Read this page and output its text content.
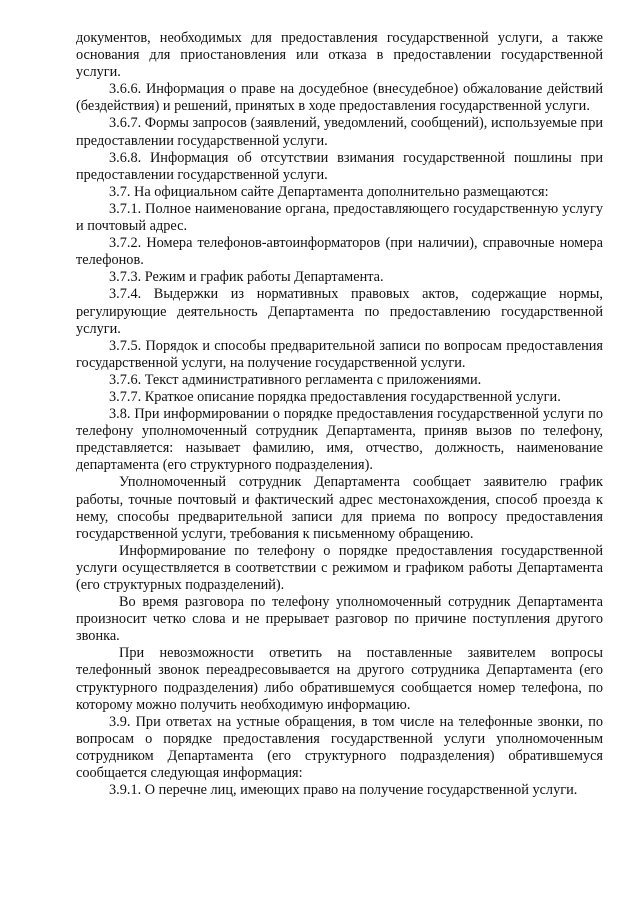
документов, необходимых для предоставления государственной услуги, а также основания для приостановления или отказа в предоставлении государственной услуги.

3.6.6. Информация о праве на досудебное (внесудебное) обжалование действий (бездействия) и решений, принятых в ходе предоставления государственной услуги.

3.6.7. Формы запросов (заявлений, уведомлений, сообщений), используемые при предоставлении государственной услуги.

3.6.8. Информация об отсутствии взимания государственной пошлины при предоставлении государственной услуги.

3.7. На официальном сайте Департамента дополнительно размещаются:

3.7.1. Полное наименование органа, предоставляющего государственную услугу и почтовый адрес.

3.7.2. Номера телефонов-автоинформаторов (при наличии), справочные номера телефонов.

3.7.3. Режим и график работы Департамента.

3.7.4. Выдержки из нормативных правовых актов, содержащие нормы, регулирующие деятельность Департамента по предоставлению государственной услуги.

3.7.5. Порядок и способы предварительной записи по вопросам предоставления государственной услуги, на получение государственной услуги.

3.7.6. Текст административного регламента с приложениями.

3.7.7. Краткое описание порядка предоставления государственной услуги.

3.8. При информировании о порядке предоставления государственной услуги по телефону уполномоченный сотрудник Департамента, приняв вызов по телефону, представляется: называет фамилию, имя, отчество, должность, наименование департамента (его структурного подразделения).

Уполномоченный сотрудник Департамента сообщает заявителю график работы, точные почтовый и фактический адрес местонахождения, способ проезда к нему, способы предварительной записи для приема по вопросу предоставления государственной услуги, требования к письменному обращению.

Информирование по телефону о порядке предоставления государственной услуги осуществляется в соответствии с режимом и графиком работы Департамента (его структурных подразделений).

Во время разговора по телефону уполномоченный сотрудник Департамента произносит четко слова и не прерывает разговор по причине поступления другого звонка.

При невозможности ответить на поставленные заявителем вопросы телефонный звонок переадресовывается на другого сотрудника Департамента (его структурного подразделения) либо обратившемуся сообщается номер телефона, по которому можно получить необходимую информацию.

3.9. При ответах на устные обращения, в том числе на телефонные звонки, по вопросам о порядке предоставления государственной услуги уполномоченным сотрудником Департамента (его структурного подразделения) обратившемуся сообщается следующая информация:

3.9.1. О перечне лиц, имеющих право на получение государственной услуги.
